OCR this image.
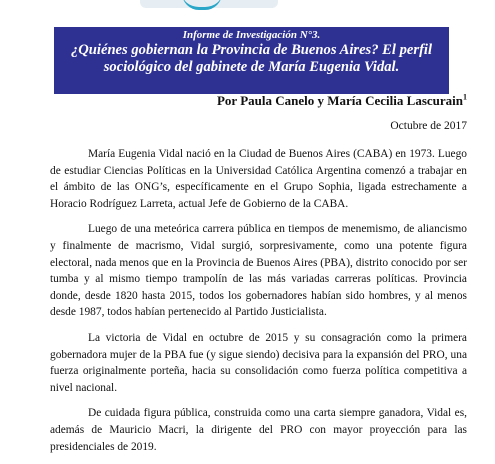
Informe de Investigación N°3.
¿Quiénes gobiernan la Provincia de Buenos Aires? El perfil sociológico del gabinete de María Eugenia Vidal.
Por Paula Canelo y María Cecilia Lascurain$^1$
Octubre de 2017

María Eugenia Vidal nació en la Ciudad de Buenos Aires (CABA) en 1973. Luego de estudiar Ciencias Políticas en la Universidad Católica Argentina comenzó a trabajar en el ámbito de las ONG’s, específicamente en el Grupo Sophia, ligada estrechamente a Horacio Rodríguez Larreta, actual Jefe de Gobierno de la CABA.

Luego de una meteórica carrera pública en tiempos de menemismo, de aliancismo y finalmente de macrismo, Vidal surgió, sorpresivamente, como una potente figura electoral, nada menos que en la Provincia de Buenos Aires (PBA), distrito conocido por ser tumba y al mismo tiempo trampolín de las más variadas carreras políticas. Provincia donde, desde 1820 hasta 2015, todos los gobernadores habían sido hombres, y al menos desde 1987, todos habían pertenecido al Partido Justicialista.

La victoria de Vidal en octubre de 2015 y su consagración como la primera gobernadora mujer de la PBA fue (y sigue siendo) decisiva para la expansión del PRO, una fuerza originalmente porteña, hacia su consolidación como fuerza política competitiva a nivel nacional.

De cuidada figura pública, construida como una carta siempre ganadora, Vidal es, además de Mauricio Macri, la dirigente del PRO con mayor proyección para las presidenciales de 2019.
